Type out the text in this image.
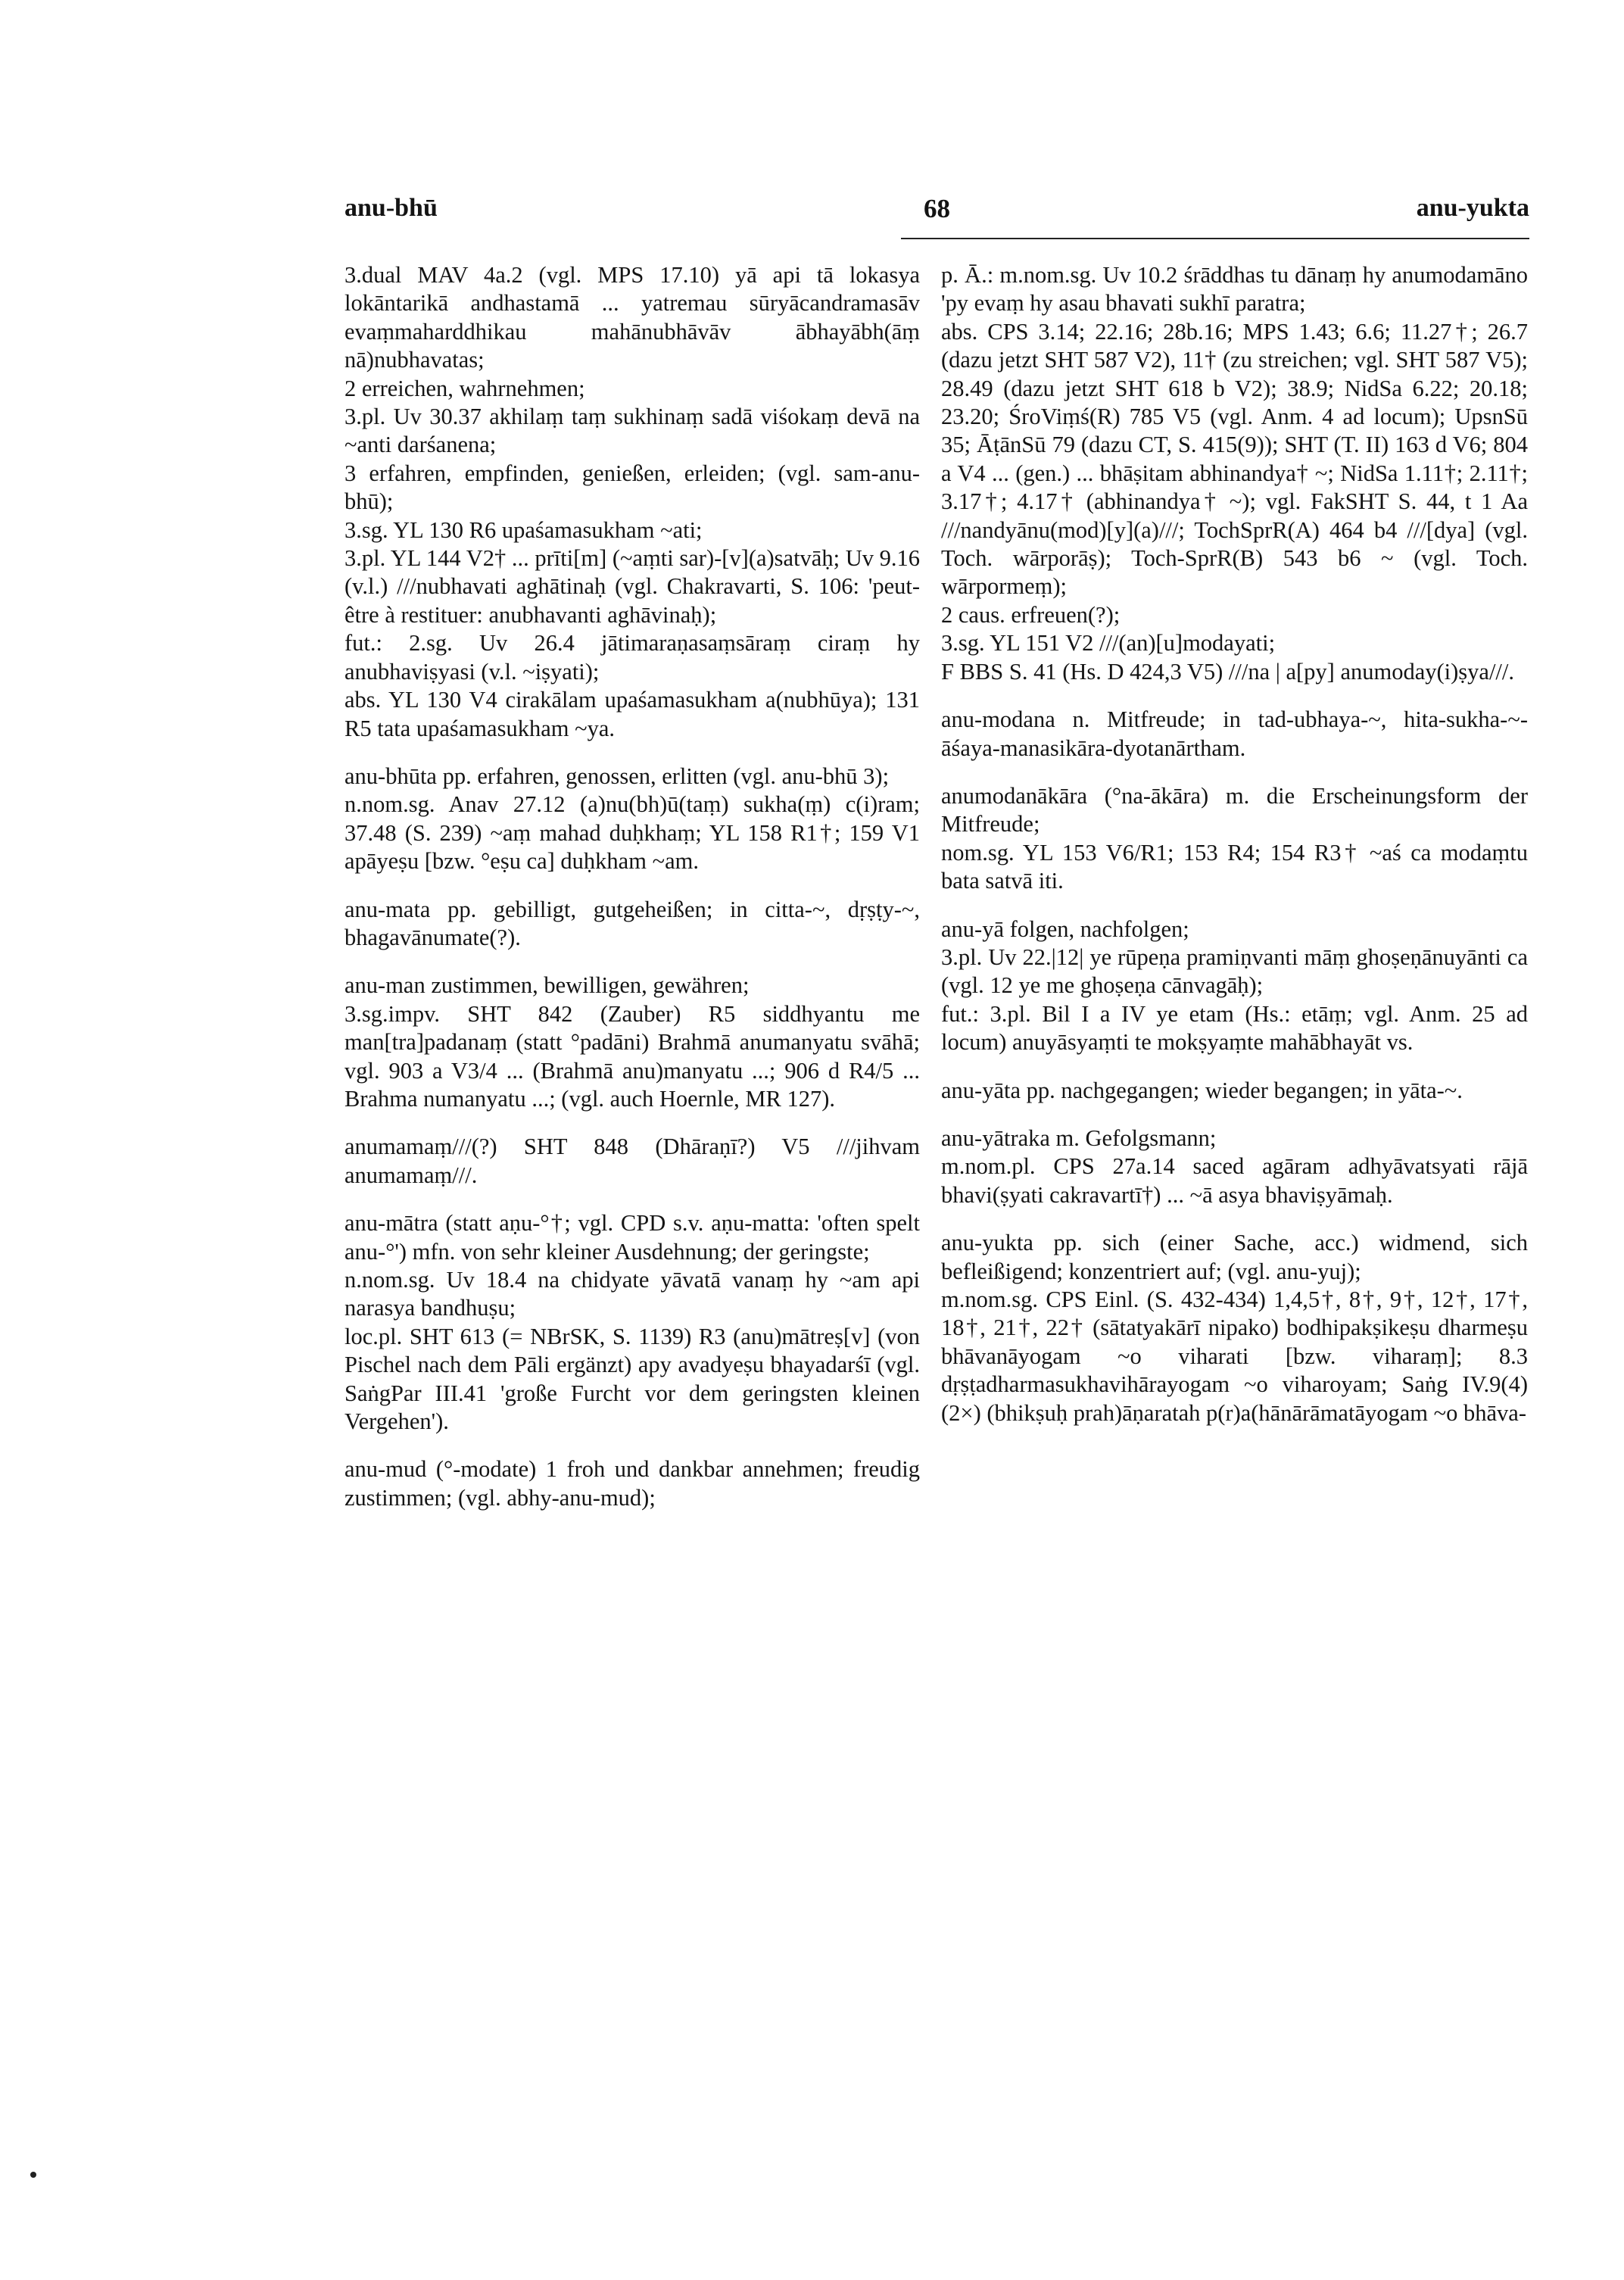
anu-bhū	68	anu-yukta

3.dual MAV 4a.2 (vgl. MPS 17.10) yā api tā lokasya lokāntarikā andhastamā ... yatremau sūryācandramasāv evaṃmaharddhikau mahānubhāvāv ābhayābh(āṃ nā)nubhavatas;

2 erreichen, wahrnehmen;

3.pl. Uv 30.37 akhilaṃ taṃ sukhinaṃ sadā viśokaṃ devā na ~anti darśanena;

3 erfahren, empfinden, genießen, erleiden; (vgl. sam-anu-bhū);

3.sg. YL 130 R6 upaśamasukham ~ati;

3.pl. YL 144 V2† ... prīti[m] (~aṃti sar)-[v](a)satvāḥ; Uv 9.16 (v.l.) ///nubhavati aghātinaḥ (vgl. Chakravarti, S. 106: 'peut-être à restituer: anubhavanti aghāvinaḥ);

fut.: 2.sg. Uv 26.4 jātimaraṇasaṃsāraṃ ciraṃ hy anubhaviṣyasi (v.l. ~iṣyati);

abs. YL 130 V4 cirakālam upaśamasukham a(nubhūya); 131 R5 tata upaśamasukham ~ya.

anu-bhūta pp. erfahren, genossen, erlitten (vgl. anu-bhū 3);

n.nom.sg. Anav 27.12 (a)nu(bh)ū(taṃ) sukha(ṃ) c(i)ram; 37.48 (S. 239) ~aṃ mahad duḥkhaṃ; YL 158 R1†; 159 V1 apāyeṣu [bzw. °eṣu ca] duḥkham ~am.

anu-mata pp. gebilligt, gutgeheißen; in citta-~, dṛṣṭy-~, bhagavānumate(?).

anu-man zustimmen, bewilligen, gewähren;

3.sg.impv. SHT 842 (Zauber) R5 siddhyantu me man[tra]padanaṃ (statt °padāni) Brahmā anumanyatu svāhā; vgl. 903 a V3/4 ... (Brahmā anu)manyatu ...; 906 d R4/5 ... Brahma numanyatu ...; (vgl. auch Hoernle, MR 127).

anumamaṃ///(?) SHT 848 (Dhāraṇī?) V5 ///jihvam anumamaṃ///.

anu-mātra (statt aṇu-°†; vgl. CPD s.v. aṇu-matta: 'often spelt anu-°') mfn. von sehr kleiner Ausdehnung; der geringste;

n.nom.sg. Uv 18.4 na chidyate yāvatā vanaṃ hy ~am api narasya bandhuṣu;

loc.pl. SHT 613 (= NBrSK, S. 1139) R3 (anu)mātreṣ[v] (von Pischel nach dem Pāli ergänzt) apy avadyeṣu bhayadarśī (vgl. SaṅgPar III.41 'große Furcht vor dem geringsten kleinen Vergehen').

anu-mud (°-modate) 1 froh und dankbar annehmen; freudig zustimmen; (vgl. abhy-anu-mud);

p. Ā.: m.nom.sg. Uv 10.2 śrāddhas tu dānaṃ hy anumodamāno 'py evaṃ hy asau bhavati sukhī paratra;

abs. CPS 3.14; 22.16; 28b.16; MPS 1.43; 6.6; 11.27†; 26.7 (dazu jetzt SHT 587 V2), 11† (zu streichen; vgl. SHT 587 V5); 28.49 (dazu jetzt SHT 618 b V2); 38.9; NidSa 6.22; 20.18; 23.20; ŚroViṃś(R) 785 V5 (vgl. Anm. 4 ad locum); UpsnSū 35; ĀṭānSū 79 (dazu CT, S. 415(9)); SHT (T. II) 163 d V6; 804 a V4 ... (gen.) ... bhāṣitam abhinandya† ~; NidSa 1.11†; 2.11†; 3.17†; 4.17† (abhinandya† ~); vgl. FakSHT S. 44, t 1 Aa ///nandyānu(mod)[y](a)///; TochSprR(A) 464 b4 ///[dya] (vgl. Toch. wārporāṣ); Toch-SprR(B) 543 b6 ~ (vgl. Toch. wārpormeṃ);

2 caus. erfreuen(?);

3.sg. YL 151 V2 ///(an)[u]modayati;

F BBS S. 41 (Hs. D 424,3 V5) ///na | a[py] anumoday(i)ṣya///.

anu-modana n. Mitfreude; in tad-ubhaya-~, hita-sukha-~-āśaya-manasikāra-dyotanārtham.

anumodanākāra (°na-ākāra) m. die Erscheinungsform der Mitfreude;

nom.sg. YL 153 V6/R1; 153 R4; 154 R3† ~aś ca modaṃtu bata satvā iti.

anu-yā folgen, nachfolgen;

3.pl. Uv 22.|12| ye rūpeṇa pramiṇvanti māṃ ghoṣeṇānuyānti ca (vgl. 12 ye me ghoṣeṇa cānvagāḥ);

fut.: 3.pl. Bil I a IV ye etam (Hs.: etāṃ; vgl. Anm. 25 ad locum) anuyāsyaṃti te mokṣyaṃte mahābhayāt vs.

anu-yāta pp. nachgegangen; wieder begangen; in yāta-~.

anu-yātraka m. Gefolgsmann;

m.nom.pl. CPS 27a.14 saced agāram adhyāvatsyati rājā bhavi(ṣyati cakravartī†) ... ~ā asya bhaviṣyāmaḥ.

anu-yukta pp. sich (einer Sache, acc.) widmend, sich befleißigend; konzentriert auf; (vgl. anu-yuj);

m.nom.sg. CPS Einl. (S. 432-434) 1,4,5†, 8†, 9†, 12†, 17†, 18†, 21†, 22† (sātatyakārī nipako) bodhipakṣikeṣu dharmeṣu bhāvanāyogam ~o viharati [bzw. viharaṃ]; 8.3 dṛṣṭadharmasukhavihārayogam ~o viharoyam; Saṅg IV.9(4)(2×) (bhikṣuḥ prah)āṇaratah p(r)a(hānārāmatāyogam ~o bhāva-
